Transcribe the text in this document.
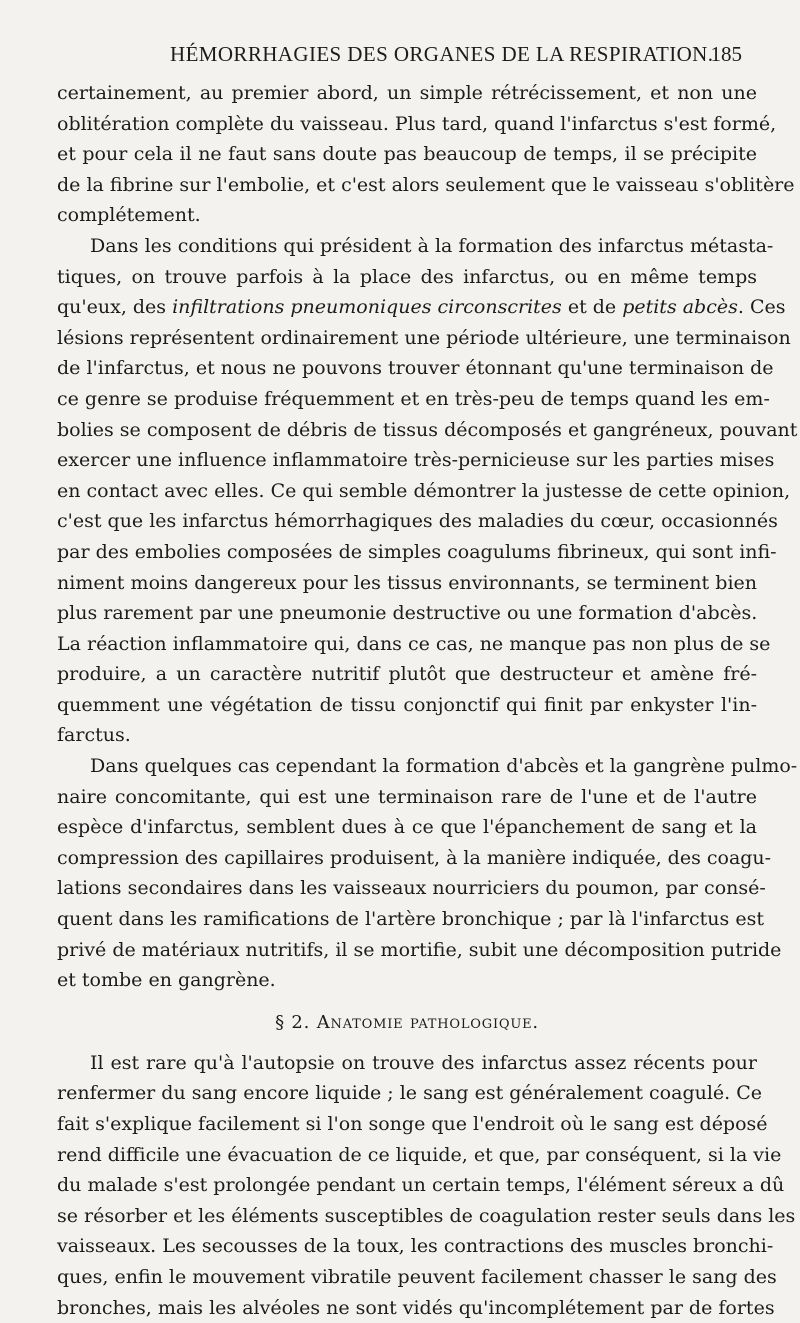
HÉMORRHAGIES DES ORGANES DE LA RESPIRATION.
185
certainement, au premier abord, un simple rétrécissement, et non une
oblitération complète du vaisseau. Plus tard, quand l'infarctus s'est formé,
et pour cela il ne faut sans doute pas beaucoup de temps, il se précipite
de la fibrine sur l'embolie, et c'est alors seulement que le vaisseau s'oblitère
complétement.
Dans les conditions qui président à la formation des infarctus métasta-
tiques, on trouve parfois à la place des infarctus, ou en même temps
qu'eux, des infiltrations pneumoniques circonscrites et de petits abcès. Ces
lésions représentent ordinairement une période ultérieure, une terminaison
de l'infarctus, et nous ne pouvons trouver étonnant qu'une terminaison de
ce genre se produise fréquemment et en très-peu de temps quand les em-
bolies se composent de débris de tissus décomposés et gangréneux, pouvant
exercer une influence inflammatoire très-pernicieuse sur les parties mises
en contact avec elles. Ce qui semble démontrer la justesse de cette opinion,
c'est que les infarctus hémorrhagiques des maladies du cœur, occasionnés
par des embolies composées de simples coagulums fibrineux, qui sont infi-
niment moins dangereux pour les tissus environnants, se terminent bien
plus rarement par une pneumonie destructive ou une formation d'abcès.
La réaction inflammatoire qui, dans ce cas, ne manque pas non plus de se
produire, a un caractère nutritif plutôt que destructeur et amène fré-
quemment une végétation de tissu conjonctif qui finit par enkyster l'in-
farctus.
Dans quelques cas cependant la formation d'abcès et la gangrène pulmo-
naire concomitante, qui est une terminaison rare de l'une et de l'autre
espèce d'infarctus, semblent dues à ce que l'épanchement de sang et la
compression des capillaires produisent, à la manière indiquée, des coagu-
lations secondaires dans les vaisseaux nourriciers du poumon, par consé-
quent dans les ramifications de l'artère bronchique ; par là l'infarctus est
privé de matériaux nutritifs, il se mortifie, subit une décomposition putride
et tombe en gangrène.
§ 2. Anatomie pathologique.
Il est rare qu'à l'autopsie on trouve des infarctus assez récents pour
renfermer du sang encore liquide ; le sang est généralement coagulé. Ce
fait s'explique facilement si l'on songe que l'endroit où le sang est déposé
rend difficile une évacuation de ce liquide, et que, par conséquent, si la vie
du malade s'est prolongée pendant un certain temps, l'élément séreux a dû
se résorber et les éléments susceptibles de coagulation rester seuls dans les
vaisseaux. Les secousses de la toux, les contractions des muscles bronchi-
ques, enfin le mouvement vibratile peuvent facilement chasser le sang des
bronches, mais les alvéoles ne sont vidés qu'incomplétement par de fortes
